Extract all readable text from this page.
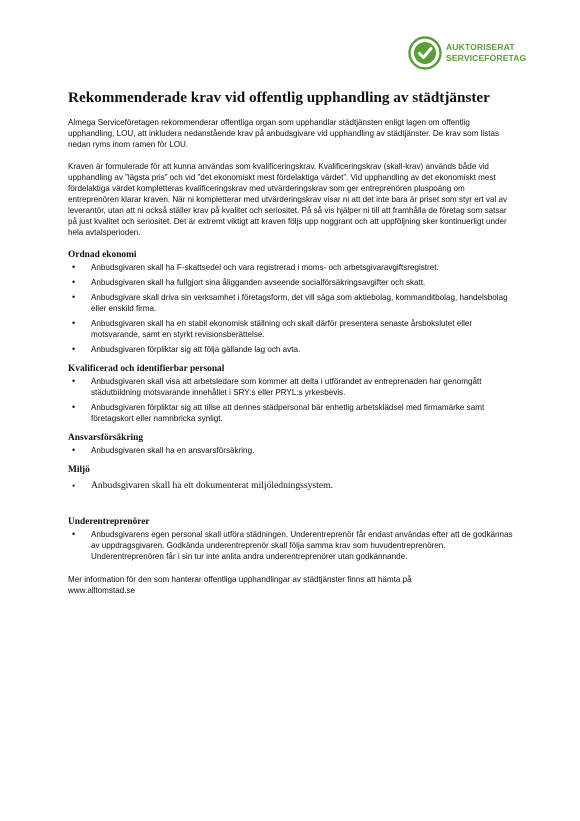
AUKTORISERAT
SERVICEFÖRETAG
Rekommenderade krav vid offentlig upphandling av städtjänster

Almega Serviceföretagen rekommenderar offentliga organ som upphandlar städtjänsten enligt lagen om offentlig upphandling, LOU, att inkludera nedanstående krav på anbudsgivare vid upphandling av städtjänster. De krav som listas nedan ryms inom ramen för LOU.

Kraven är formulerade för att kunna användas som kvalificeringskrav. Kvalificeringskrav (skall-krav) används både vid upphandling av ”lägsta pris” och vid ”det ekonomiskt mest fördelaktiga värdet”. Vid upphandling av det ekonomiskt mest fördelaktiga värdet kompletteras kvalificeringskrav med utvärderingskrav som ger entreprenören pluspoäng om entreprenören klarar kraven. När ni kompletterar med utvärderingskrav visar ni att det inte bara är priset som styr ert val av leverantör, utan att ni också ställer krav på kvalitet och seriositet. På så vis hjälper ni till att framhålla de företag som satsar på just kvalitet och seriositet. Det är extremt viktigt att kraven följs upp noggrant och att uppföljning sker kontinuerligt under hela avtalsperioden.

Ordnad ekonomi
• Anbudsgivaren skall ha F-skattsedel och vara registrerad i moms- och arbetsgivaravgiftsregistret.
• Anbudsgivaren skall ha fullgjort sina åligganden avseende socialförsäkringsavgifter och skatt.
• Anbudsgivare skall driva sin verksamhet i företagsform, det vill säga som aktiebolag, kommanditbolag, handelsbolag eller enskild firma.
• Anbudsgivaren skall ha en stabil ekonomisk ställning och skall därför presentera senaste årsbokslutet eller motsvarande, samt en styrkt revisionsberättelse.
• Anbudsgivaren förpliktar sig att följa gällande lag och avta.
Kvalificerad och identifierbar personal
• Anbudsgivaren skall visa att arbetsledare som kommer att delta i utförandet av entreprenaden har genomgått städutbildning motsvarande innehållet i SRY:s eller PRYL:s yrkesbevis.
• Anbudsgivaren förpliktar sig att tillse att dennes städpersonal bär enhetlig arbetsklädsel med firmamärke samt företagskort eller namnbricka synligt.
Ansvarsförsäkring
• Anbudsgivaren skall ha en ansvarsförsäkring.
Miljö
• Anbudsgivaren skall ha ett dokumenterat miljöledningssystem.
Underentreprenörer
• Anbudsgivarens egen personal skall utföra städningen. Underentreprenör får endast användas efter att de godkännas av uppdragsgivaren. Godkända underentreprenör skall följa samma krav som huvudentreprenören. Underentreprenören får i sin tur inte anlita andra underentreprenörer utan godkännande.

Mer information för den som hanterar offentliga upphandlingar av städtjänster finns att hämta på
www.alltomstad.se
